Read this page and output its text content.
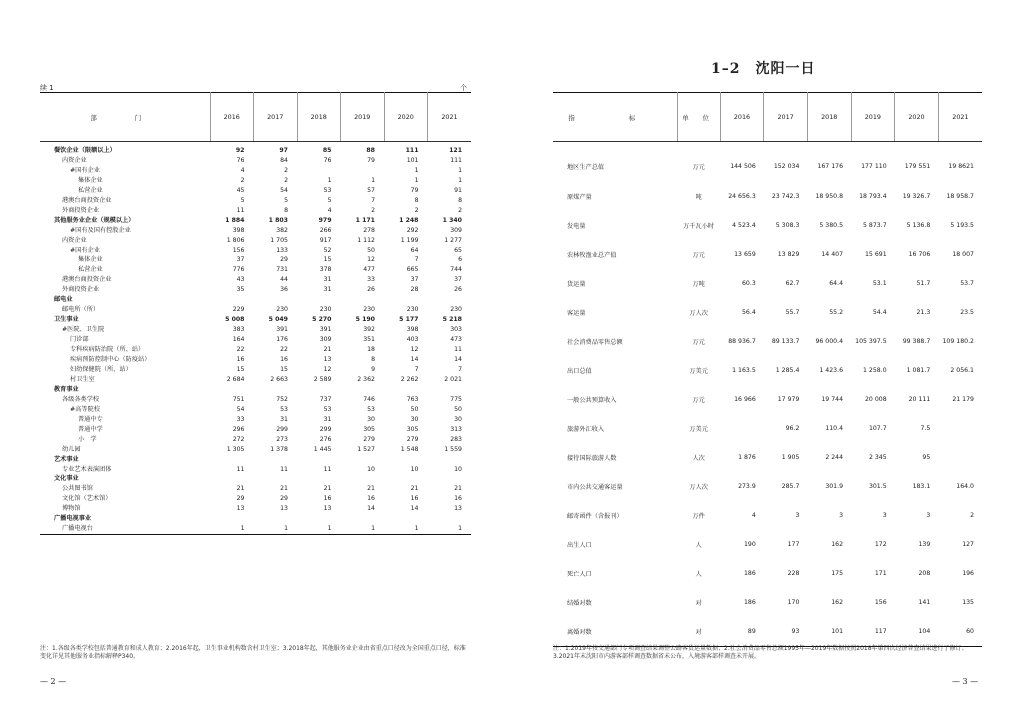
续 1	个
部 门	2016	2017	2018	2019	2020	2021
餐饮企业（限额以上）	92	97	85	88	111	121
内资企业	76	84	76	79	101	111
#国有企业	4	2			1	1
集体企业	2	2	1	1	1	1
私营企业	45	54	53	57	79	91
港澳台商投资企业	5	5	5	7	8	8
外商投资企业	11	8	4	2	2	2
其他服务业企业（规模以上）	1 884	1 803	979	1 171	1 248	1 340
#国有及国有控股企业	398	382	266	278	292	309
内资企业	1 806	1 705	917	1 112	1 199	1 277
#国有企业	156	133	52	50	64	65
集体企业	37	29	15	12	7	6
私营企业	776	731	378	477	665	744
港澳台商投资企业	43	44	31	33	37	37
外商投资企业	35	36	31	26	28	26
邮电业						
邮电所（所）	229	230	230	230	230	230
卫生事业	5 008	5 049	5 270	5 190	5 177	5 218
#医院、卫生院	383	391	391	392	398	303
门诊部	164	176	309	351	403	473
专科疾病防治院（所、站）	22	22	21	18	12	11
疾病预防控制中心（防疫站）	16	16	13	8	14	14
妇幼保健院（所、站）	15	15	12	9	7	7
村卫生室	2 684	2 663	2 589	2 362	2 262	2 021
教育事业						
各级各类学校	751	752	737	746	763	775
#高等院校	54	53	53	53	50	50
普通中专	33	31	31	30	30	30
普通中学	296	299	299	305	305	313
小　学	272	273	276	279	279	283
幼儿园	1 305	1 378	1 445	1 527	1 548	1 559
艺术事业						
专业艺术表演团体	11	11	11	10	10	10
文化事业						
公共图书馆	21	21	21	21	21	21
文化馆（艺术馆）	29	29	16	16	16	16
博物馆	13	13	13	14	14	13
广播电视事业						
广播电视台	1	1	1	1	1	1
注：1.各级各类学校包括普通教育和成人教育；2.2016年起，卫生事业机构数含村卫生室；3.2018年起，其他服务业企业由省重点口径改为全国重点口径，标准变化详见其他服务业指标解释P340。
— 2 —
1–2　沈阳一日
指 标	单 位	2016	2017	2018	2019	2020	2021
地区生产总值	万元	144 506	152 034	167 176	177 110	179 551	19 8621
原煤产量	吨	24 656.3	23 742.3	18 950.8	18 793.4	19 326.7	18 958.7
发电量	万千瓦小时	4 523.4	5 308.3	5 380.5	5 873.7	5 136.8	5 193.5
农林牧渔业总产值	万元	13 659	13 829	14 407	15 691	16 706	18 007
货运量	万吨	60.3	62.7	64.4	53.1	51.7	53.7
客运量	万人次	56.4	55.7	55.2	54.4	21.3	23.5
社会消费品零售总额	万元	88 936.7	89 133.7	96 000.4	105 397.5	99 388.7	109 180.2
出口总值	万美元	1 163.5	1 285.4	1 423.6	1 258.0	1 081.7	2 056.1
一般公共预算收入	万元	16 966	17 979	19 744	20 008	20 111	21 179
旅游外汇收入	万美元		96.2	110.4	107.7	7.5	
接待国际旅游人数	人次	1 876	1 905	2 244	2 345	95	
市内公共交通客运量	万人次	273.9	285.7	301.9	301.5	183.1	164.0
邮寄函件（含报刊）	万件	4	3	3	3	3	2
出生人口	人	190	177	162	172	139	127
死亡人口	人	186	228	175	171	208	196
结婚对数	对	186	170	162	156	141	135
离婚对数	对	89	93	101	117	104	60
注：1.2019年按交通部门专项调查结果调整公路客货运量数据；2.社会消费品零售总额1995年—2019年数据按照2018年第四次经济普查结果进行了修订；3.2021年末沈阳市内游客部样调查数据省未公布，入境游客部样调查未开展。
— 3 —
